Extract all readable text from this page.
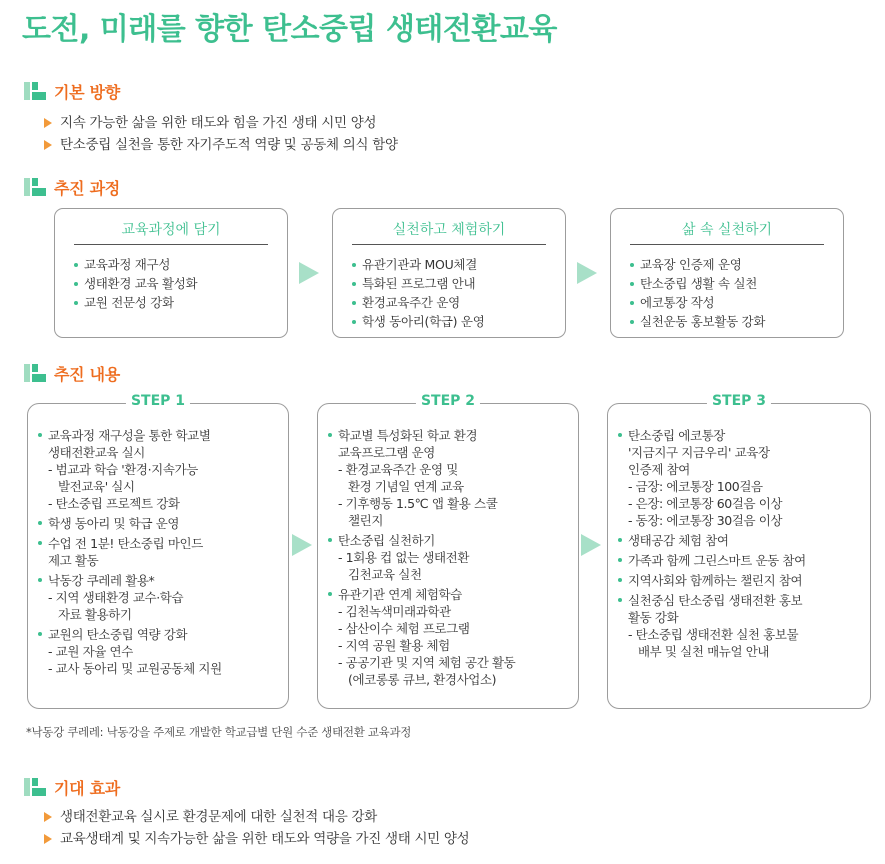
도전, 미래를 향한 탄소중립 생태전환교육
기본 방향
지속 가능한 삶을 위한 태도와 힘을 가진 생태 시민 양성
탄소중립 실천을 통한 자기주도적 역량 및 공동체 의식 함양
추진 과정
교육과정에 담기
교육과정 재구성
생태환경 교육 활성화
교원 전문성 강화
실천하고 체험하기
유관기관과 MOU체결
특화된 프로그램 안내
환경교육주간 운영
학생 동아리(학급) 운영
삶 속 실천하기
교육장 인증제 운영
탄소중립 생활 속 실천
에코통장 작성
실천운동 홍보활동 강화
추진 내용
STEP 1
교육과정 재구성을 통한 학교별
생태전환교육 실시
- 범교과 학습 '환경·지속가능
발전교육' 실시
- 탄소중립 프로젝트 강화
학생 동아리 및 학급 운영
수업 전 1분! 탄소중립 마인드
제고 활동
낙동강 쿠레레 활용*
- 지역 생태환경 교수·학습
자료 활용하기
교원의 탄소중립 역량 강화
- 교원 자율 연수
- 교사 동아리 및 교원공동체 지원
STEP 2
학교별 특성화된 학교 환경
교육프로그램 운영
- 환경교육주간 운영 및
환경 기념일 연계 교육
- 기후행동 1.5℃ 앱 활용 스쿨
챌린지
탄소중립 실천하기
- 1회용 컵 없는 생태전환
김천교육 실천
유관기관 연계 체험학습
- 김천녹색미래과학관
- 삼산이수 체험 프로그램
- 지역 공원 활용 체험
- 공공기관 및 지역 체험 공간 활동
(에코롱롱 큐브, 환경사업소)
STEP 3
탄소중립 에코통장
'지금지구 지금우리' 교육장
인증제 참여
- 금장: 에코통장 100걸음
- 은장: 에코통장 60걸음 이상
- 동장: 에코통장 30걸음 이상
생태공감 체험 참여
가족과 함께 그린스마트 운동 참여
지역사회와 함께하는 챌린지 참여
실천중심 탄소중립 생태전환 홍보
활동 강화
- 탄소중립 생태전환 실천 홍보물
배부 및 실천 매뉴얼 안내

*낙동강 쿠레레: 낙동강을 주제로 개발한 학교급별 단원 수준 생태전환 교육과정

기대 효과
생태전환교육 실시로 환경문제에 대한 실천적 대응 강화
교육생태계 및 지속가능한 삶을 위한 태도와 역량을 가진 생태 시민 양성
